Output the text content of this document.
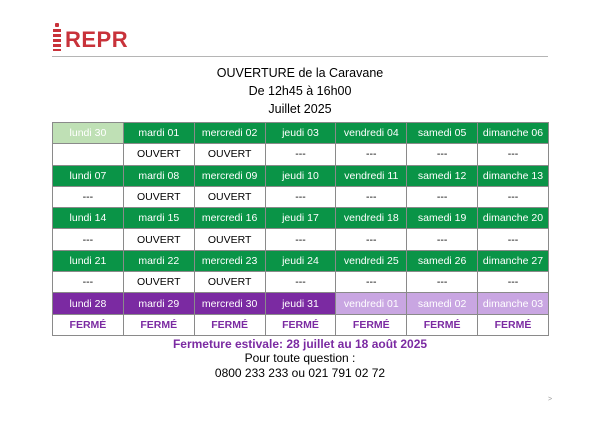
REPR
OUVERTURE de la Caravane
De 12h45 à 16h00
Juillet 2025
lundi 30	mardi 01	mercredi 02	jeudi 03	vendredi 04	samedi 05	dimanche 06
	OUVERT	OUVERT	---	---	---	---
lundi 07	mardi 08	mercredi 09	jeudi 10	vendredi 11	samedi 12	dimanche 13
---	OUVERT	OUVERT	---	---	---	---
lundi 14	mardi 15	mercredi 16	jeudi 17	vendredi 18	samedi 19	dimanche 20
---	OUVERT	OUVERT	---	---	---	---
lundi 21	mardi 22	mercredi 23	jeudi 24	vendredi 25	samedi 26	dimanche 27
---	OUVERT	OUVERT	---	---	---	---
lundi 28	mardi 29	mercredi 30	jeudi 31	vendredi 01	samedi 02	dimanche 03
FERMÉ	FERMÉ	FERMÉ	FERMÉ	FERMÉ	FERMÉ	FERMÉ
Fermeture estivale: 28 juillet au 18 août 2025
Pour toute question :
0800 233 233 ou 021 791 02 72
>
